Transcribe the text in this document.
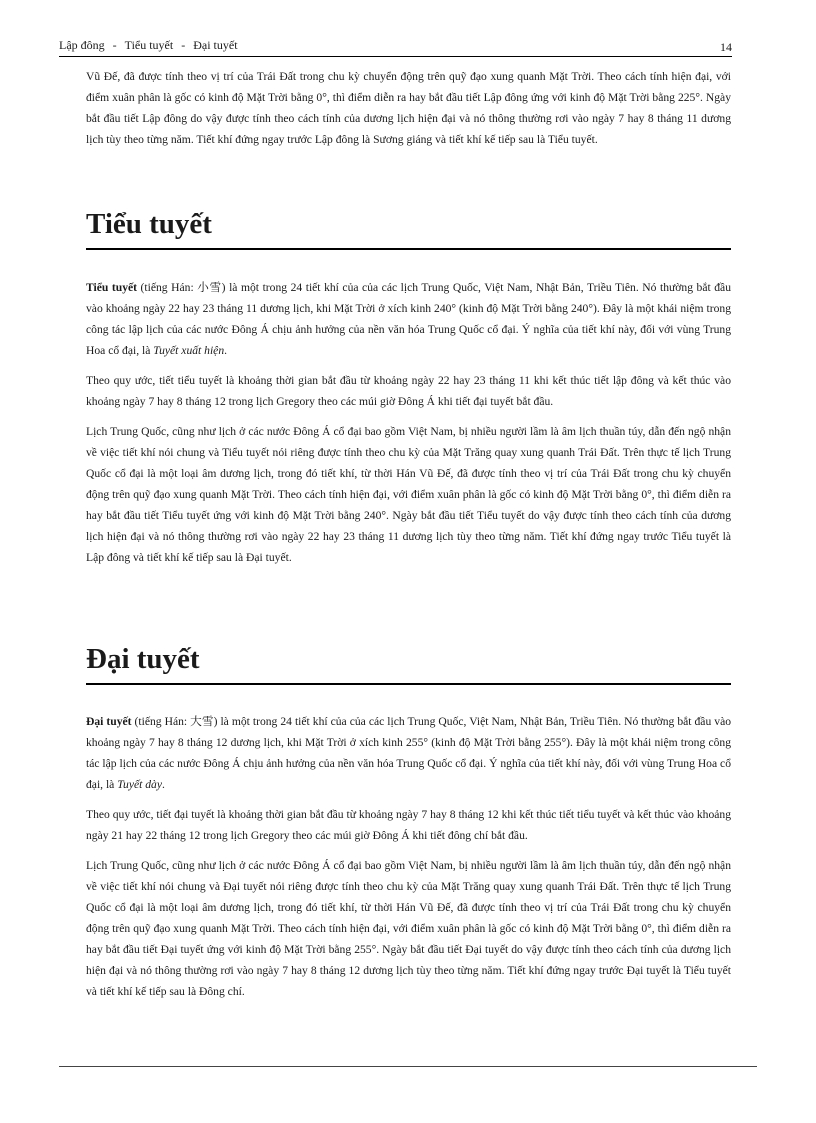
Lập đông - Tiểu tuyết - Đại tuyết	14

Vũ Đế, đã được tính theo vị trí của Trái Đất trong chu kỳ chuyển động trên quỹ đạo xung quanh Mặt Trời. Theo cách tính hiện đại, với điểm xuân phân là gốc có kinh độ Mặt Trời bằng 0°, thì điểm diễn ra hay bắt đầu tiết Lập đông ứng với kinh độ Mặt Trời bằng 225°. Ngày bắt đầu tiết Lập đông do vậy được tính theo cách tính của dương lịch hiện đại và nó thông thường rơi vào ngày 7 hay 8 tháng 11 dương lịch tùy theo từng năm. Tiết khí đứng ngay trước Lập đông là Sương giáng và tiết khí kế tiếp sau là Tiểu tuyết.

Tiểu tuyết

Tiểu tuyết (tiếng Hán: 小雪) là một trong 24 tiết khí của của các lịch Trung Quốc, Việt Nam, Nhật Bản, Triều Tiên. Nó thường bắt đầu vào khoảng ngày 22 hay 23 tháng 11 dương lịch, khi Mặt Trời ở xích kinh 240° (kinh độ Mặt Trời bằng 240°). Đây là một khái niệm trong công tác lập lịch của các nước Đông Á chịu ảnh hưởng của nền văn hóa Trung Quốc cổ đại. Ý nghĩa của tiết khí này, đối với vùng Trung Hoa cổ đại, là Tuyết xuất hiện.

Theo quy ước, tiết tiểu tuyết là khoảng thời gian bắt đầu từ khoảng ngày 22 hay 23 tháng 11 khi kết thúc tiết lập đông và kết thúc vào khoảng ngày 7 hay 8 tháng 12 trong lịch Gregory theo các múi giờ Đông Á khi tiết đại tuyết bắt đầu.

Lịch Trung Quốc, cũng như lịch ở các nước Đông Á cổ đại bao gồm Việt Nam, bị nhiều người lầm là âm lịch thuần túy, dẫn đến ngộ nhận về việc tiết khí nói chung và Tiểu tuyết nói riêng được tính theo chu kỳ của Mặt Trăng quay xung quanh Trái Đất. Trên thực tế lịch Trung Quốc cổ đại là một loại âm dương lịch, trong đó tiết khí, từ thời Hán Vũ Đế, đã được tính theo vị trí của Trái Đất trong chu kỳ chuyển động trên quỹ đạo xung quanh Mặt Trời. Theo cách tính hiện đại, với điểm xuân phân là gốc có kinh độ Mặt Trời bằng 0°, thì điểm diễn ra hay bắt đầu tiết Tiểu tuyết ứng với kinh độ Mặt Trời bằng 240°. Ngày bắt đầu tiết Tiểu tuyết do vậy được tính theo cách tính của dương lịch hiện đại và nó thông thường rơi vào ngày 22 hay 23 tháng 11 dương lịch tùy theo từng năm. Tiết khí đứng ngay trước Tiểu tuyết là Lập đông và tiết khí kế tiếp sau là Đại tuyết.

Đại tuyết

Đại tuyết (tiếng Hán: 大雪) là một trong 24 tiết khí của của các lịch Trung Quốc, Việt Nam, Nhật Bản, Triều Tiên. Nó thường bắt đầu vào khoảng ngày 7 hay 8 tháng 12 dương lịch, khi Mặt Trời ở xích kinh 255° (kinh độ Mặt Trời bằng 255°). Đây là một khái niệm trong công tác lập lịch của các nước Đông Á chịu ảnh hưởng của nền văn hóa Trung Quốc cổ đại. Ý nghĩa của tiết khí này, đối với vùng Trung Hoa cổ đại, là Tuyết dày.

Theo quy ước, tiết đại tuyết là khoảng thời gian bắt đầu từ khoảng ngày 7 hay 8 tháng 12 khi kết thúc tiết tiểu tuyết và kết thúc vào khoảng ngày 21 hay 22 tháng 12 trong lịch Gregory theo các múi giờ Đông Á khi tiết đông chí bắt đầu.

Lịch Trung Quốc, cũng như lịch ở các nước Đông Á cổ đại bao gồm Việt Nam, bị nhiều người lầm là âm lịch thuần túy, dẫn đến ngộ nhận về việc tiết khí nói chung và Đại tuyết nói riêng được tính theo chu kỳ của Mặt Trăng quay xung quanh Trái Đất. Trên thực tế lịch Trung Quốc cổ đại là một loại âm dương lịch, trong đó tiết khí, từ thời Hán Vũ Đế, đã được tính theo vị trí của Trái Đất trong chu kỳ chuyển động trên quỹ đạo xung quanh Mặt Trời. Theo cách tính hiện đại, với điểm xuân phân là gốc có kinh độ Mặt Trời bằng 0°, thì điểm diễn ra hay bắt đầu tiết Đại tuyết ứng với kinh độ Mặt Trời bằng 255°. Ngày bắt đầu tiết Đại tuyết do vậy được tính theo cách tính của dương lịch hiện đại và nó thông thường rơi vào ngày 7 hay 8 tháng 12 dương lịch tùy theo từng năm. Tiết khí đứng ngay trước Đại tuyết là Tiểu tuyết và tiết khí kế tiếp sau là Đông chí.
